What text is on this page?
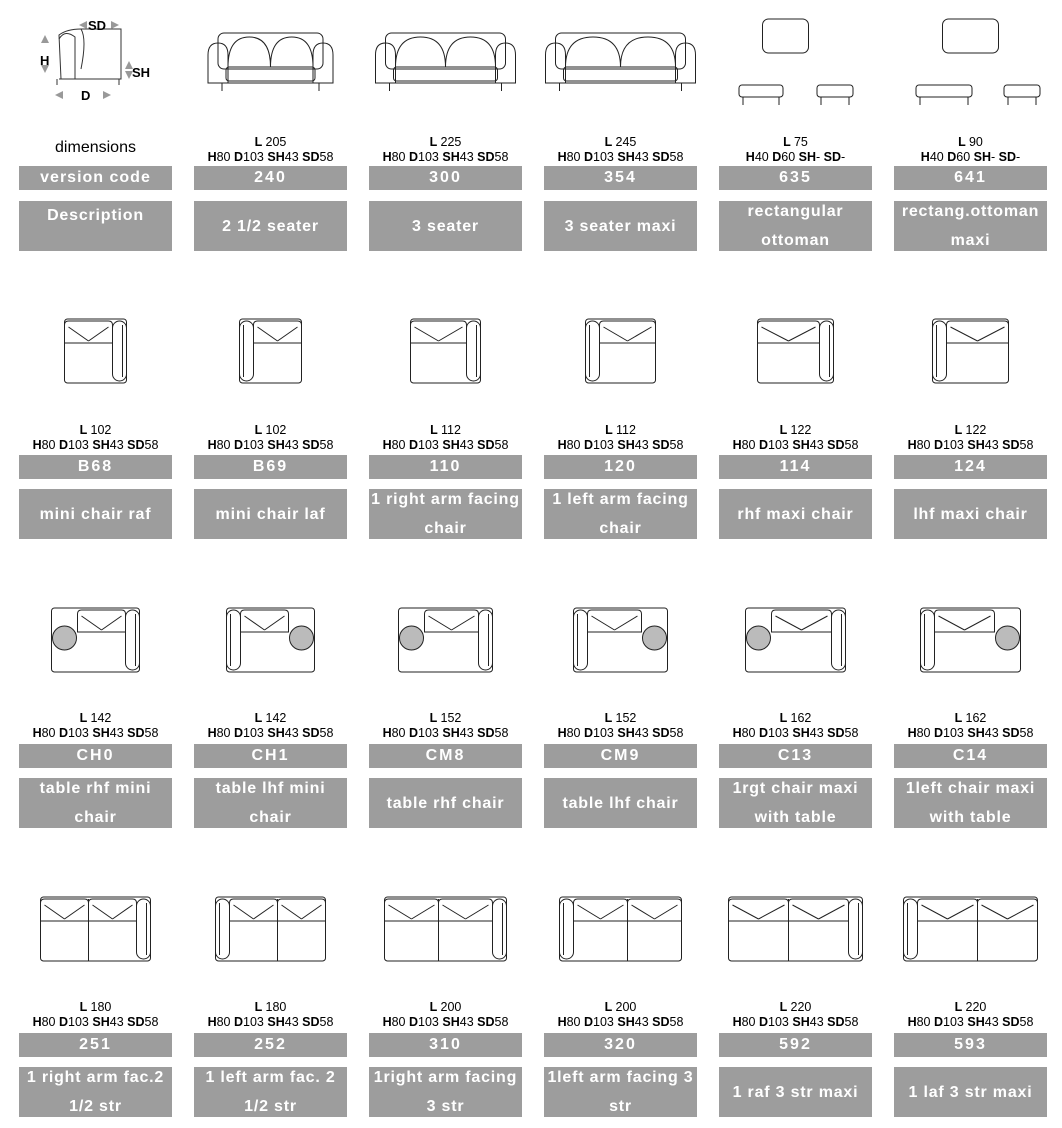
SD
H
SH
D
dimensions
version code
Description
L 205
H80 D103 SH43 SD58
240
2 1/2 seater
L 225
H80 D103 SH43 SD58
300
3 seater
L 245
H80 D103 SH43 SD58
354
3 seater maxi
L 75
H40 D60 SH- SD-
635
rectangular ottoman
L 90
H40 D60 SH- SD-
641
rectang.ottoman maxi
L 102
H80 D103 SH43 SD58
B68
mini chair raf
L 102
H80 D103 SH43 SD58
B69
mini chair laf
L 112
H80 D103 SH43 SD58
110
1 right arm facing chair
L 112
H80 D103 SH43 SD58
120
1 left arm facing chair
L 122
H80 D103 SH43 SD58
114
rhf maxi chair
L 122
H80 D103 SH43 SD58
124
lhf maxi chair
L 142
H80 D103 SH43 SD58
CH0
table rhf mini chair
L 142
H80 D103 SH43 SD58
CH1
table lhf mini chair
L 152
H80 D103 SH43 SD58
CM8
table rhf chair
L 152
H80 D103 SH43 SD58
CM9
table lhf chair
L 162
H80 D103 SH43 SD58
C13
1rgt chair maxi with table
L 162
H80 D103 SH43 SD58
C14
1left chair maxi with table
L 180
H80 D103 SH43 SD58
251
1 right arm fac.2 1/2 str
L 180
H80 D103 SH43 SD58
252
1 left arm fac. 2 1/2 str
L 200
H80 D103 SH43 SD58
310
1right arm facing 3 str
L 200
H80 D103 SH43 SD58
320
1left arm facing 3 str
L 220
H80 D103 SH43 SD58
592
1 raf 3 str maxi
L 220
H80 D103 SH43 SD58
593
1 laf 3 str maxi
